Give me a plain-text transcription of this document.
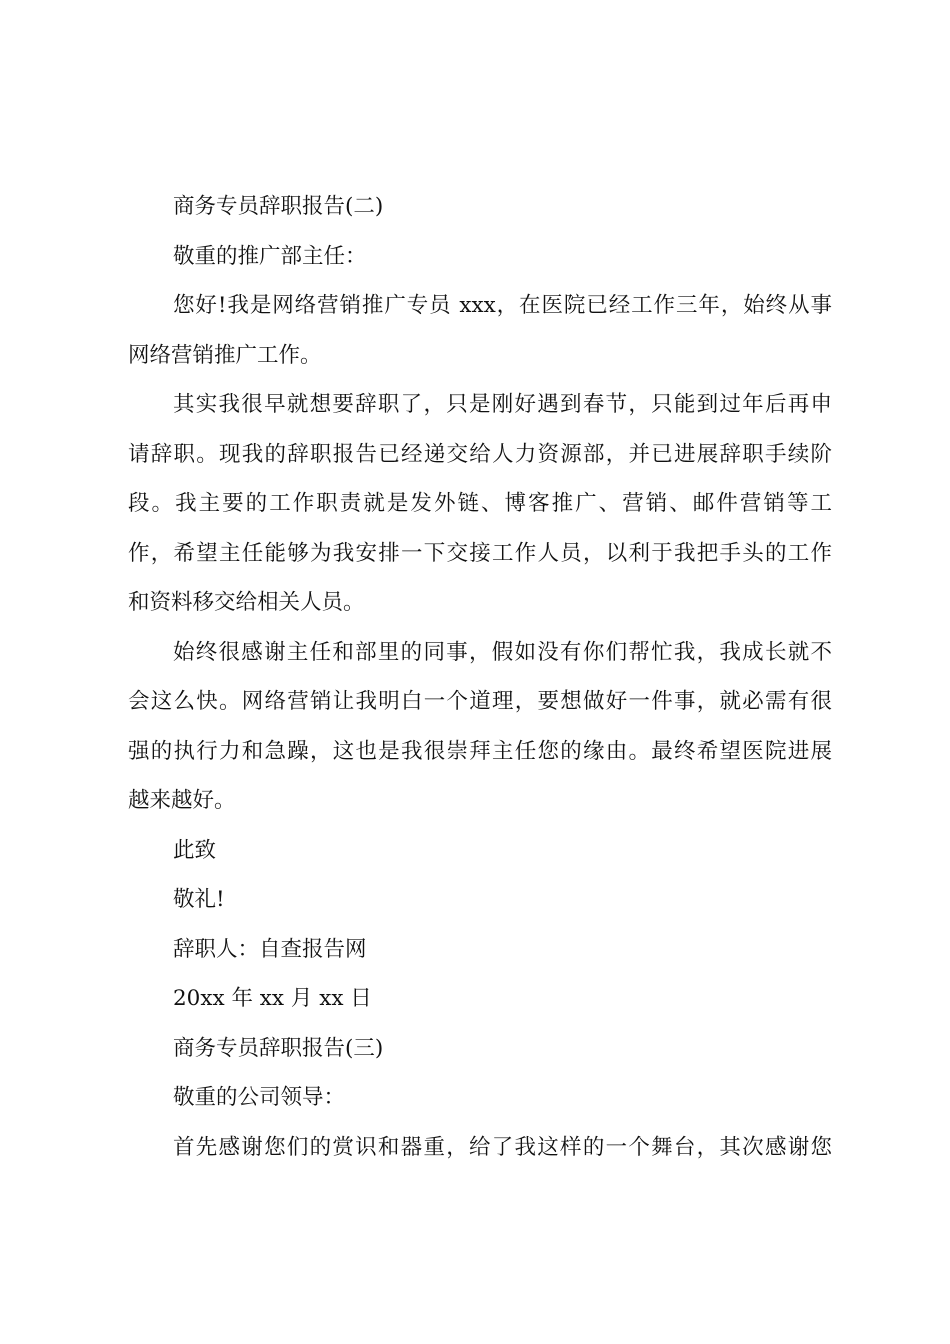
商务专员辞职报告(二)
敬重的推广部主任：
您好!我是网络营销推广专员 xxx，在医院已经工作三年，始终从事
网络营销推广工作。
其实我很早就想要辞职了，只是刚好遇到春节，只能到过年后再申
请辞职。现我的辞职报告已经递交给人力资源部，并已进展辞职手续阶
段。我主要的工作职责就是发外链、博客推广、营销、邮件营销等工
作，希望主任能够为我安排一下交接工作人员，以利于我把手头的工作
和资料移交给相关人员。
始终很感谢主任和部里的同事，假如没有你们帮忙我，我成长就不
会这么快。网络营销让我明白一个道理，要想做好一件事，就必需有很
强的执行力和急躁，这也是我很崇拜主任您的缘由。最终希望医院进展
越来越好。
此致
敬礼!
辞职人：自查报告网
20xx 年 xx 月 xx 日
商务专员辞职报告(三)
敬重的公司领导：
首先感谢您们的赏识和器重，给了我这样的一个舞台，其次感谢您
